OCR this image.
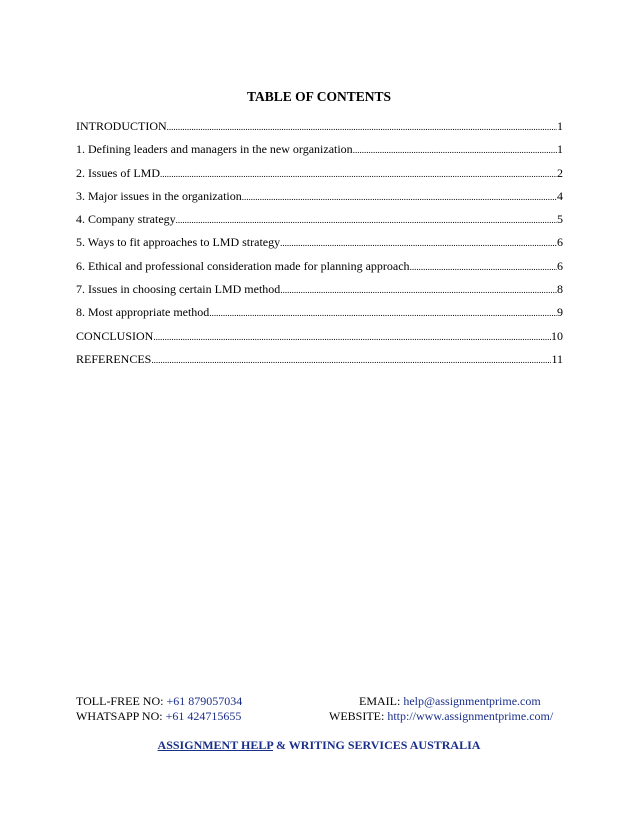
TABLE OF CONTENTS
INTRODUCTION .....	1
1. Defining leaders and managers in the new organization .....	1
2. Issues of LMD .....	2
3. Major issues in the organization .....	4
4. Company strategy .....	5
5. Ways to fit approaches to LMD strategy .....	6
6. Ethical and professional consideration made for planning approach .....	6
7. Issues in choosing certain LMD method .....	8
8. Most appropriate method .....	9
CONCLUSION .....	10
REFERENCES .....	11
TOLL-FREE NO: +61 879057034	EMAIL: help@assignmentprime.com
WHATSAPP NO: +61 424715655	WEBSITE: http://www.assignmentprime.com/
ASSIGNMENT HELP & WRITING SERVICES AUSTRALIA
